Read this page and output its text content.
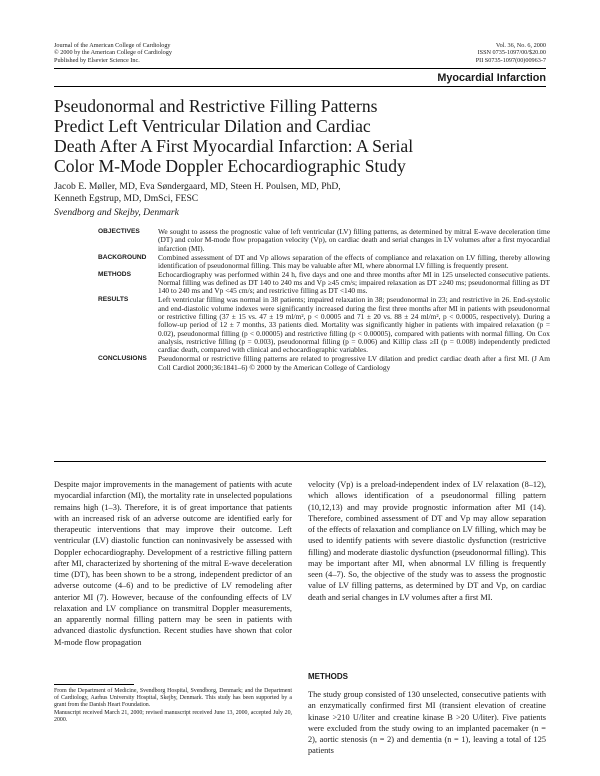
Journal of the American College of Cardiology
© 2000 by the American College of Cardiology
Published by Elsevier Science Inc.
Vol. 36, No. 6, 2000
ISSN 0735-1097/00/$20.00
PII S0735-1097(00)00963-7
Myocardial Infarction
Pseudonormal and Restrictive Filling Patterns
Predict Left Ventricular Dilation and Cardiac
Death After A First Myocardial Infarction: A Serial
Color M-Mode Doppler Echocardiographic Study
Jacob E. Møller, MD, Eva Søndergaard, MD, Steen H. Poulsen, MD, PhD,
Kenneth Egstrup, MD, DmSci, FESC
Svendborg and Skejby, Denmark
OBJECTIVES	We sought to assess the prognostic value of left ventricular (LV) filling patterns, as determined by mitral E-wave deceleration time (DT) and color M-mode flow propagation velocity (Vp), on cardiac death and serial changes in LV volumes after a first myocardial infarction (MI).
BACKGROUND	Combined assessment of DT and Vp allows separation of the effects of compliance and relaxation on LV filling, thereby allowing identification of pseudonormal filling. This may be valuable after MI, where abnormal LV filling is frequently present.
METHODS	Echocardiography was performed within 24 h, five days and one and three months after MI in 125 unselected consecutive patients. Normal filling was defined as DT 140 to 240 ms and Vp ≥45 cm/s; impaired relaxation as DT ≥240 ms; pseudonormal filling as DT 140 to 240 ms and Vp <45 cm/s; and restrictive filling as DT <140 ms.
RESULTS	Left ventricular filling was normal in 38 patients; impaired relaxation in 38; pseudonormal in 23; and restrictive in 26. End-systolic and end-diastolic volume indexes were significantly increased during the first three months after MI in patients with pseudonormal or restrictive filling (37 ± 15 vs. 47 ± 19 ml/m², p < 0.0005 and 71 ± 20 vs. 88 ± 24 ml/m², p < 0.0005, respectively). During a follow-up period of 12 ± 7 months, 33 patients died. Mortality was significantly higher in patients with impaired relaxation (p = 0.02), pseudonormal filling (p < 0.00005) and restrictive filling (p < 0.00005), compared with patients with normal filling. On Cox analysis, restrictive filling (p = 0.003), pseudonormal filling (p = 0.006) and Killip class ≥II (p = 0.008) independently predicted cardiac death, compared with clinical and echocardiographic variables.
CONCLUSIONS	Pseudonormal or restrictive filling patterns are related to progressive LV dilation and predict cardiac death after a first MI. (J Am Coll Cardiol 2000;36:1841–6) © 2000 by the American College of Cardiology
Despite major improvements in the management of patients with acute myocardial infarction (MI), the mortality rate in unselected populations remains high (1–3). Therefore, it is of great importance that patients with an increased risk of an adverse outcome are identified early for therapeutic interventions that may improve their outcome. Left ventricular (LV) diastolic function can noninvasively be assessed with Doppler echocardiography. Development of a restrictive filling pattern after MI, characterized by shortening of the mitral E-wave deceleration time (DT), has been shown to be a strong, independent predictor of an adverse outcome (4–6) and to be predictive of LV remodeling after anterior MI (7). However, because of the confounding effects of LV relaxation and LV compliance on transmitral Doppler measurements, an apparently normal filling pattern may be seen in patients with advanced diastolic dysfunction. Recent studies have shown that color M-mode flow propagation
velocity (Vp) is a preload-independent index of LV relaxation (8–12), which allows identification of a pseudonormal filling pattern (10,12,13) and may provide prognostic information after MI (14). Therefore, combined assessment of DT and Vp may allow separation of the effects of relaxation and compliance on LV filling, which may be used to identify patients with severe diastolic dysfunction (restrictive filling) and moderate diastolic dysfunction (pseudonormal filling). This may be important after MI, when abnormal LV filling is frequently seen (4–7). So, the objective of the study was to assess the prognostic value of LV filling patterns, as determined by DT and Vp, on cardiac death and serial changes in LV volumes after a first MI.
METHODS
The study group consisted of 130 unselected, consecutive patients with an enzymatically confirmed first MI (transient elevation of creatine kinase >210 U/liter and creatine kinase B >20 U/liter). Five patients were excluded from the study owing to an implanted pacemaker (n = 2), aortic stenosis (n = 2) and dementia (n = 1), leaving a total of 125 patients
From the Department of Medicine, Svendborg Hospital, Svendborg, Denmark; and the Department of Cardiology, Aarhus University Hospital, Skejby, Denmark. This study has been supported by a grant from the Danish Heart Foundation.
Manuscript received March 21, 2000; revised manuscript received June 13, 2000, accepted July 20, 2000.
